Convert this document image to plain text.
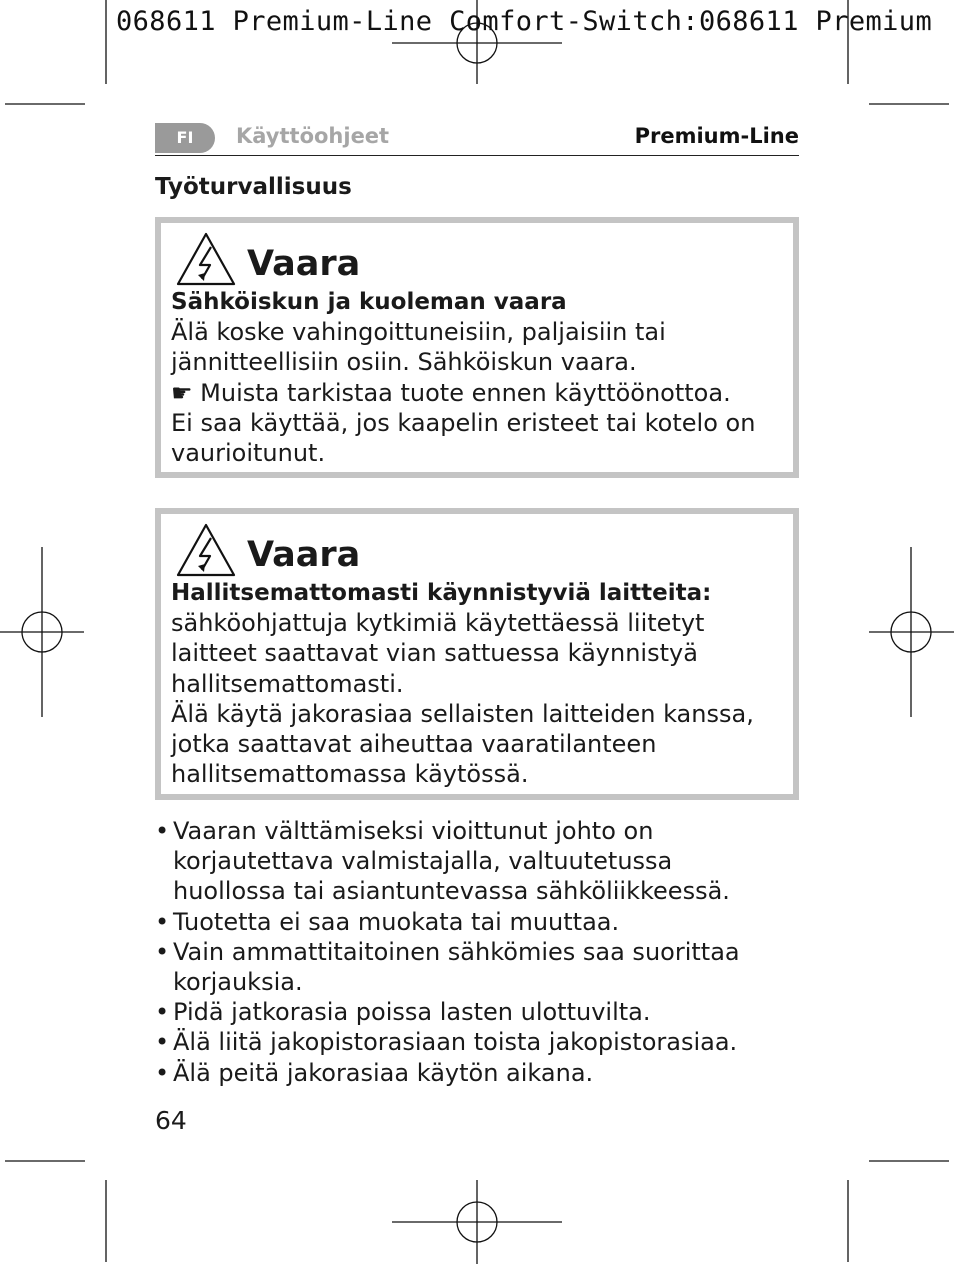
068611 Premium-Line Comfort-Switch:068611 Premium
FI	Käyttöohjeet	Premium-Line
Työturvallisuus
Vaara
Sähköiskun ja kuoleman vaara
Älä koske vahingoittuneisiin, paljaisiin tai
jännitteellisiin osiin. Sähköiskun vaara.
☛ Muista tarkistaa tuote ennen käyttöönottoa.
Ei saa käyttää, jos kaapelin eristeet tai kotelo on
vaurioitunut.
Vaara
Hallitsemattomasti käynnistyviä laitteita:
sähköohjattuja kytkimiä käytettäessä liitetyt
laitteet saattavat vian sattuessa käynnistyä
hallitsemattomasti.
Älä käytä jakorasiaa sellaisten laitteiden kanssa,
jotka saattavat aiheuttaa vaaratilanteen
hallitsemattomassa käytössä.
• Vaaran välttämiseksi vioittunut johto on
korjautettava valmistajalla, valtuutetussa
huollossa tai asiantuntevassa sähköliikkeessä.
• Tuotetta ei saa muokata tai muuttaa.
• Vain ammattitaitoinen sähkömies saa suorittaa
korjauksia.
• Pidä jatkorasia poissa lasten ulottuvilta.
• Älä liitä jakopistorasiaan toista jakopistorasiaa.
• Älä peitä jakorasiaa käytön aikana.
64
